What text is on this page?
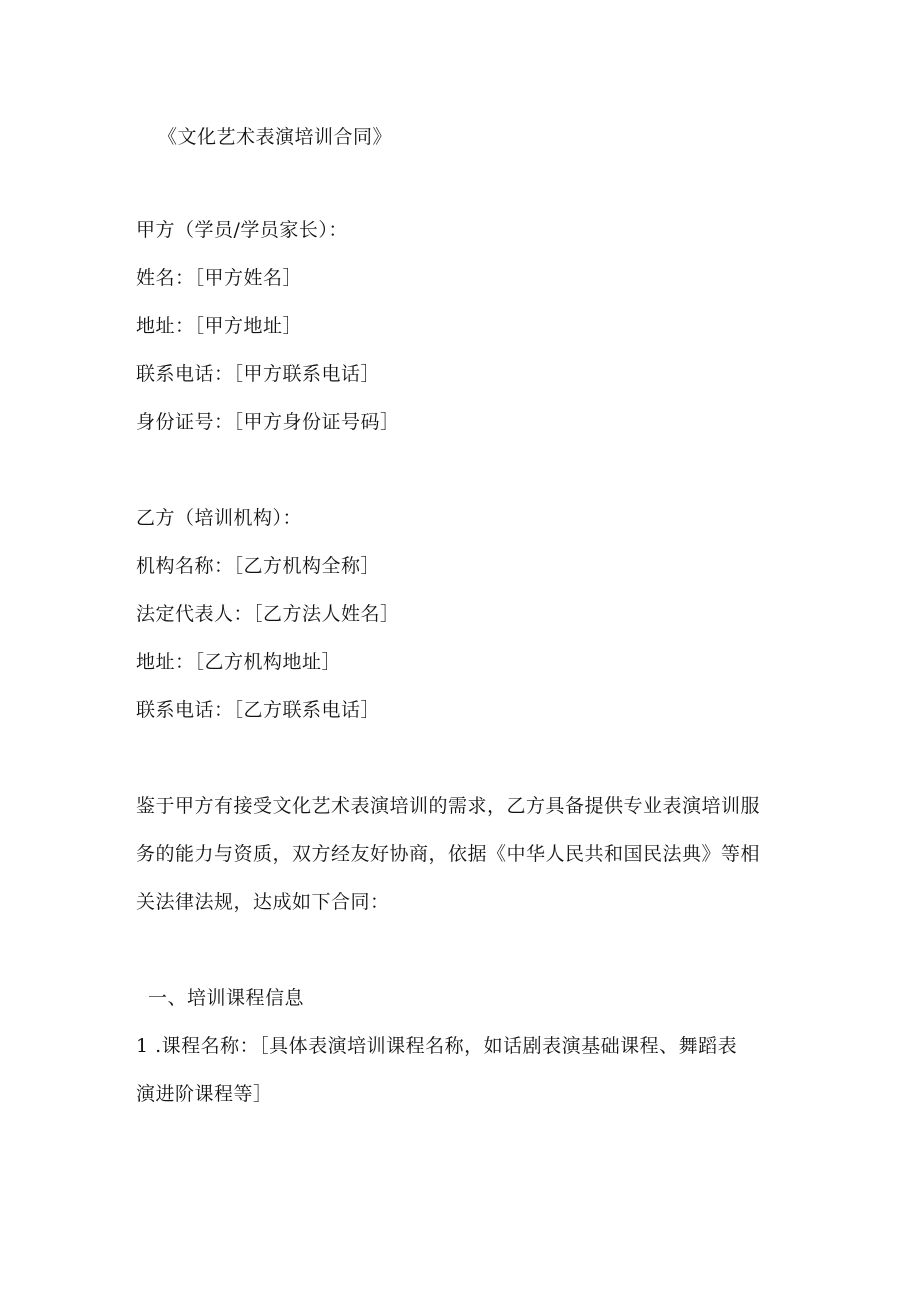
《文化艺术表演培训合同》
甲方（学员/学员家长）：
姓名：［甲方姓名］
地址：［甲方地址］
联系电话：［甲方联系电话］
身份证号：［甲方身份证号码］
乙方（培训机构）：
机构名称：［乙方机构全称］
法定代表人：［乙方法人姓名］
地址：［乙方机构地址］
联系电话：［乙方联系电话］
鉴于甲方有接受文化艺术表演培训的需求，乙方具备提供专业表演培训服
务的能力与资质，双方经友好协商，依据《中华人民共和国民法典》等相
关法律法规，达成如下合同：
一、培训课程信息
1 .课程名称：［具体表演培训课程名称，如话剧表演基础课程、舞蹈表
演进阶课程等］
